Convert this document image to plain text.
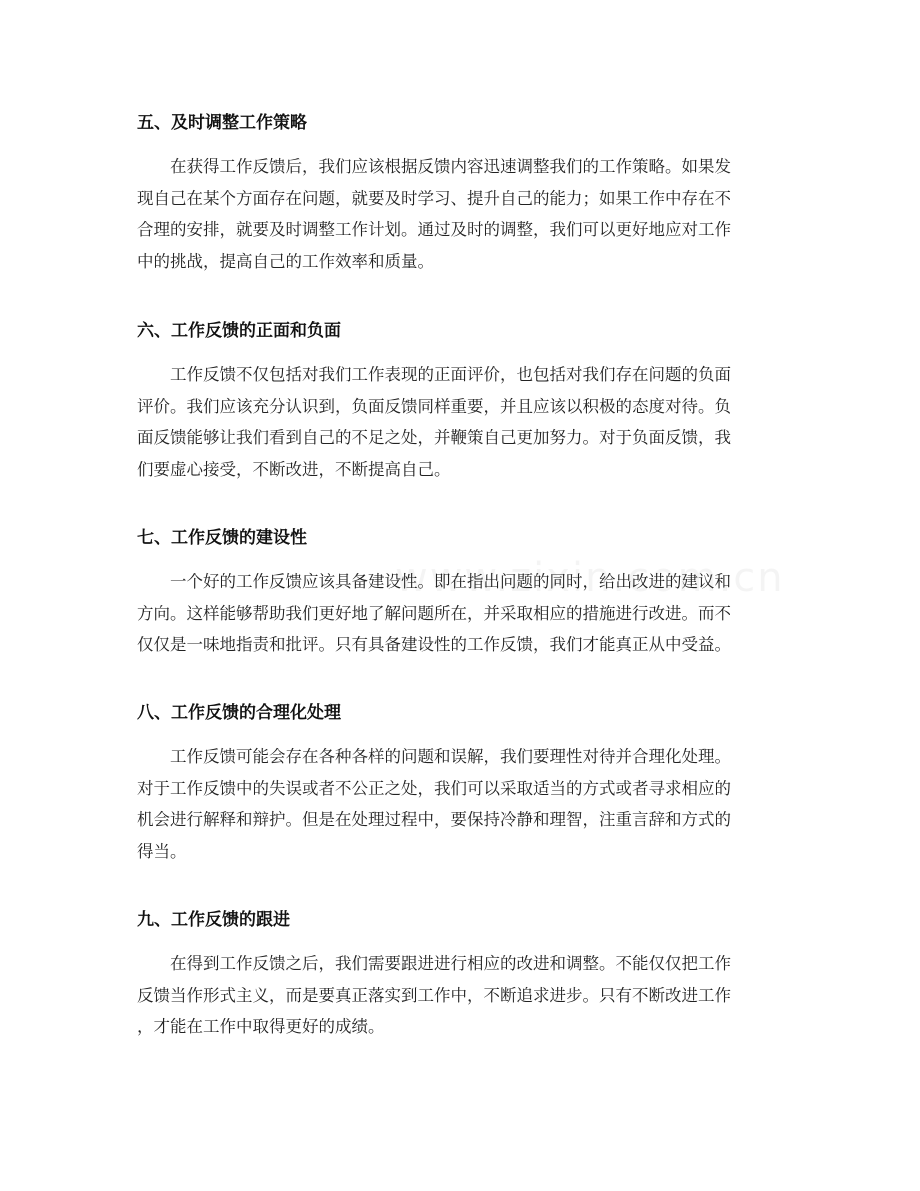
五、及时调整工作策略

在获得工作反馈后，我们应该根据反馈内容迅速调整我们的工作策略。如果发
现自己在某个方面存在问题，就要及时学习、提升自己的能力；如果工作中存在不
合理的安排，就要及时调整工作计划。通过及时的调整，我们可以更好地应对工作
中的挑战，提高自己的工作效率和质量。

六、工作反馈的正面和负面

工作反馈不仅包括对我们工作表现的正面评价，也包括对我们存在问题的负面
评价。我们应该充分认识到，负面反馈同样重要，并且应该以积极的态度对待。负
面反馈能够让我们看到自己的不足之处，并鞭策自己更加努力。对于负面反馈，我
们要虚心接受，不断改进，不断提高自己。

七、工作反馈的建设性

一个好的工作反馈应该具备建设性。即在指出问题的同时，给出改进的建议和
方向。这样能够帮助我们更好地了解问题所在，并采取相应的措施进行改进。而不
仅仅是一味地指责和批评。只有具备建设性的工作反馈，我们才能真正从中受益。

八、工作反馈的合理化处理

工作反馈可能会存在各种各样的问题和误解，我们要理性对待并合理化处理。
对于工作反馈中的失误或者不公正之处，我们可以采取适当的方式或者寻求相应的
机会进行解释和辩护。但是在处理过程中，要保持冷静和理智，注重言辞和方式的
得当。

九、工作反馈的跟进

在得到工作反馈之后，我们需要跟进进行相应的改进和调整。不能仅仅把工作
反馈当作形式主义，而是要真正落实到工作中，不断追求进步。只有不断改进工作
，才能在工作中取得更好的成绩。
